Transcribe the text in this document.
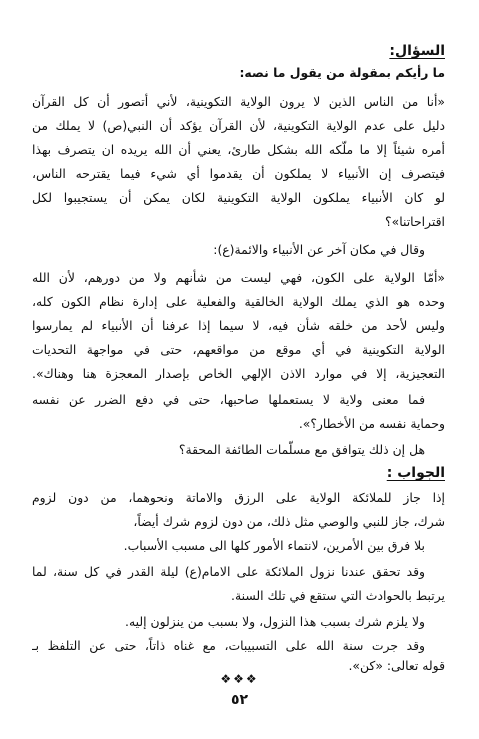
السؤال:
ما رأيكم بمقولة من يقول ما نصه:
«أنا من الناس الذين لا يرون الولاية التكوينية، لأني أتصور أن كل القرآن
دليل على عدم الولاية التكوينية، لأن القرآن يؤكد أن النبي(ص) لا يملك من
أمره شيئاً إلا ما ملّكه الله بشكل طارئ، يعني أن الله يريده ان يتصرف بهذا
فيتصرف إن الأنبياء لا يملكون أن يقدموا أي شيء فيما يقترحه الناس،
لو كان الأنبياء يملكون الولاية التكوينية لكان يمكن أن يستجيبوا لكل
اقتراحاتنا»؟
وقال في مكان آخر عن الأنبياء والائمة(ع):
«أمّا الولاية على الكون، فهي ليست من شأنهم ولا من دورهم، لأن الله
وحده هو الذي يملك الولاية الخالقية والفعلية على إدارة نظام الكون كله،
وليس لأحد من خلقه شأن فيه، لا سيما إذا عرفنا أن الأنبياء لم يمارسوا
الولاية التكوينية في أي موقع من مواقعهم، حتى في مواجهة التحديات
التعجيزية، إلا في موارد الاذن الإلهي الخاص بإصدار المعجزة هنا وهناك».
فما معنى ولاية لا يستعملها صاحبها، حتى في دفع الضرر عن نفسه
وحماية نفسه من الأخطار؟».
هل إن ذلك يتوافق مع مسلّمات الطائفة المحقة؟
الجواب :
إذا جاز للملائكة الولاية على الرزق والاماتة ونحوهما، من دون لزوم
شرك، جاز للنبي والوصي مثل ذلك، من دون لزوم شرك أيضاً،
بلا فرق بين الأمرين، لانتماء الأمور كلها الى مسبب الأسباب.
وقد تحقق عندنا نزول الملائكة على الامام(ع) ليلة القدر في كل سنة، لما
يرتبط بالحوادث التي ستقع في تلك السنة.
ولا يلزم شرك بسبب هذا النزول، ولا بسبب من ينزلون إليه.
وقد جرت سنة الله على التسبيبات، مع غناه ذاتاً، حتى عن التلفظ بـ
قوله تعالى: «كن».
❖❖❖
٥٢
